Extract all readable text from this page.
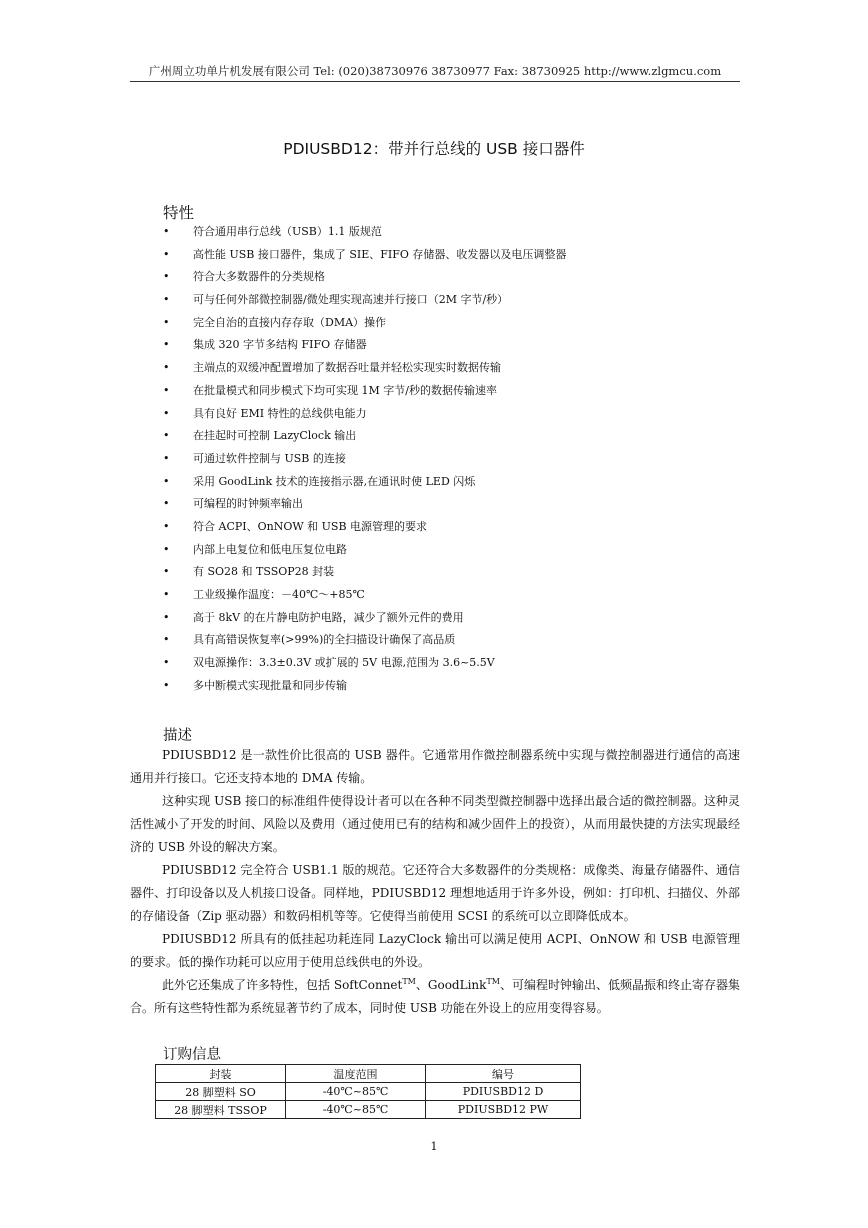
广州周立功单片机发展有限公司 Tel: (020)38730976 38730977 Fax: 38730925 http://www.zlgmcu.com
PDIUSBD12：带并行总线的 USB 接口器件
特性
• 符合通用串行总线（USB）1.1 版规范
• 高性能 USB 接口器件，集成了 SIE、FIFO 存储器、收发器以及电压调整器
• 符合大多数器件的分类规格
• 可与任何外部微控制器/微处理实现高速并行接口（2M 字节/秒）
• 完全自治的直接内存存取（DMA）操作
• 集成 320 字节多结构 FIFO 存储器
• 主端点的双缓冲配置增加了数据吞吐量并轻松实现实时数据传输
• 在批量模式和同步模式下均可实现 1M 字节/秒的数据传输速率
• 具有良好 EMI 特性的总线供电能力
• 在挂起时可控制 LazyClock 输出
• 可通过软件控制与 USB 的连接
• 采用 GoodLink 技术的连接指示器,在通讯时使 LED 闪烁
• 可编程的时钟频率输出
• 符合 ACPI、OnNOW 和 USB 电源管理的要求
• 内部上电复位和低电压复位电路
• 有 SO28 和 TSSOP28 封装
• 工业级操作温度：－40℃～+85℃
• 高于 8kV 的在片静电防护电路，减少了额外元件的费用
• 具有高错误恢复率(>99%)的全扫描设计确保了高品质
• 双电源操作：3.3±0.3V 或扩展的 5V 电源,范围为 3.6~5.5V
• 多中断模式实现批量和同步传输
描述

PDIUSBD12 是一款性价比很高的 USB 器件。它通常用作微控制器系统中实现与微控制器进行通信的高速通用并行接口。它还支持本地的 DMA 传输。

这种实现 USB 接口的标准组件使得设计者可以在各种不同类型微控制器中选择出最合适的微控制器。这种灵活性减小了开发的时间、风险以及费用（通过使用已有的结构和减少固件上的投资），从而用最快捷的方法实现最经济的 USB 外设的解决方案。

PDIUSBD12 完全符合 USB1.1 版的规范。它还符合大多数器件的分类规格：成像类、海量存储器件、通信器件、打印设备以及人机接口设备。同样地，PDIUSBD12 理想地适用于许多外设，例如：打印机、扫描仪、外部的存储设备（Zip 驱动器）和数码相机等等。它使得当前使用 SCSI 的系统可以立即降低成本。

PDIUSBD12 所具有的低挂起功耗连同 LazyClock 输出可以满足使用 ACPI、OnNOW 和 USB 电源管理的要求。低的操作功耗可以应用于使用总线供电的外设。

此外它还集成了许多特性，包括 SoftConnet™、GoodLink™、可编程时钟输出、低频晶振和终止寄存器集合。所有这些特性都为系统显著节约了成本，同时使 USB 功能在外设上的应用变得容易。

订购信息
封装	温度范围	编号
28 脚塑料 SO	-40℃~85℃	PDIUSBD12 D
28 脚塑料 TSSOP	-40℃~85℃	PDIUSBD12 PW
1
